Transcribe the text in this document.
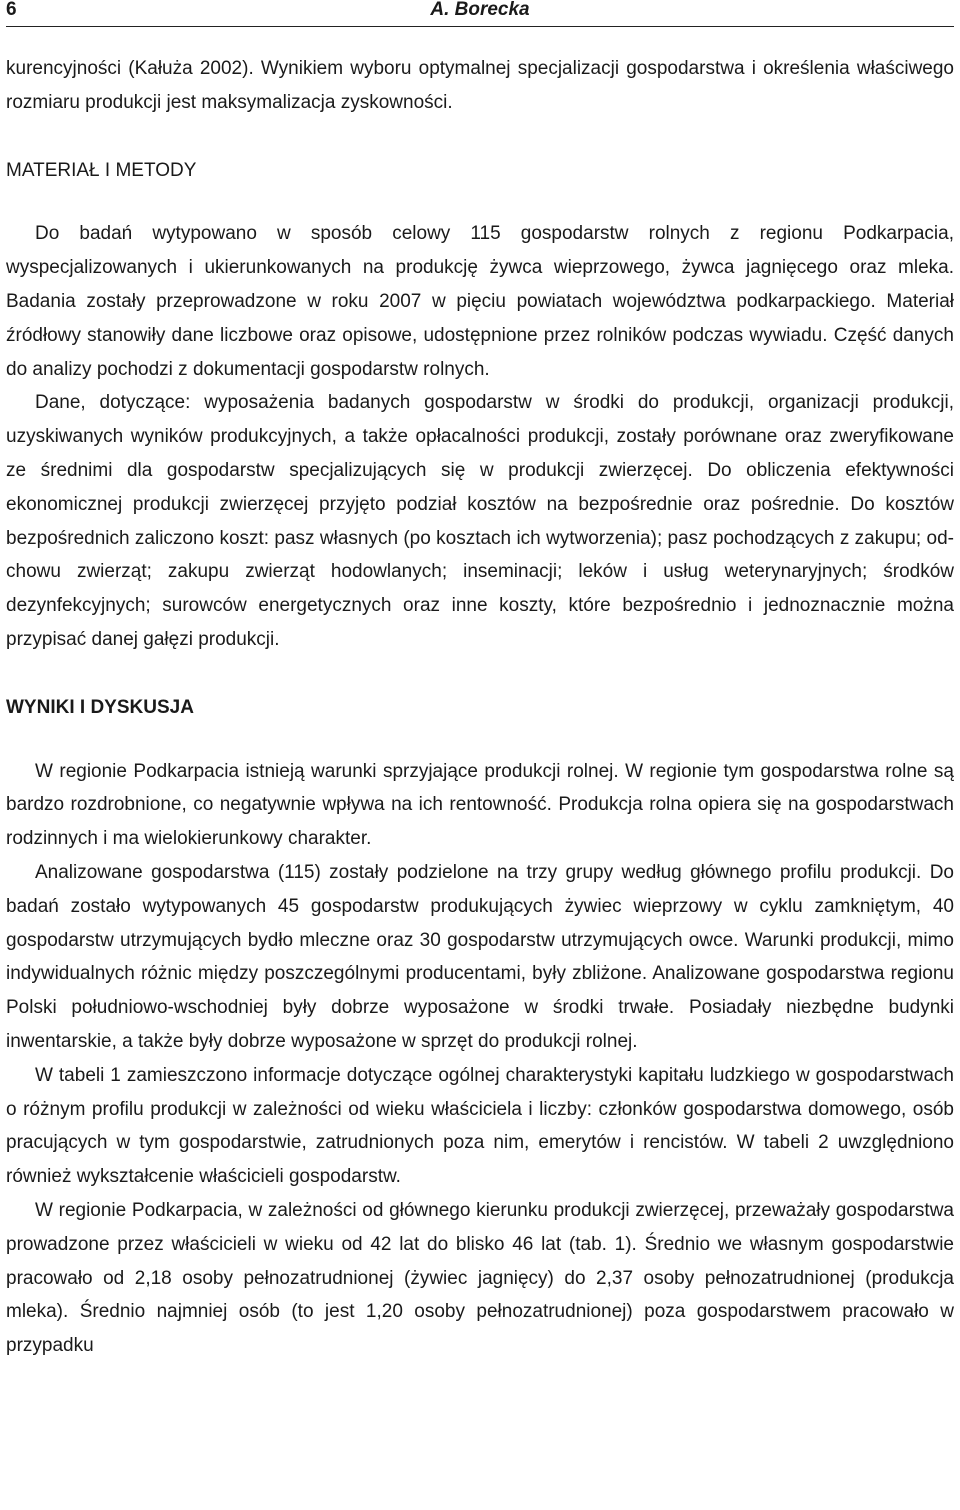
6	A. Borecka

kurencyjności (Kałuża 2002). Wynikiem wyboru optymalnej specjalizacji gospodarstwa i określenia właściwego rozmiaru produkcji jest maksymalizacja zyskowności.

MATERIAŁ I METODY

Do badań wytypowano w sposób celowy 115 gospodarstw rolnych z regionu Podkarpacia, wyspecjalizowanych i ukierunkowanych na produkcję żywca wieprzowego, żywca jagnięcego oraz mleka. Badania zostały przeprowadzone w roku 2007 w pięciu powiatach województwa podkarpackiego. Materiał źródłowy stanowiły dane liczbowe oraz opisowe, udostępnione przez rolników podczas wywiadu. Część danych do analizy pochodzi z dokumentacji gospodarstw rolnych.

Dane, dotyczące: wyposażenia badanych gospodarstw w środki do produkcji, organizacji produkcji, uzyskiwanych wyników produkcyjnych, a także opłacalności produkcji, zostały porównane oraz zweryfikowane ze średnimi dla gospodarstw specjalizujących się w produkcji zwierzęcej. Do obliczenia efektywności ekonomicznej produkcji zwierzęcej przyjęto podział kosztów na bezpośrednie oraz pośrednie. Do kosztów bezpośrednich zaliczono koszt: pasz własnych (po kosztach ich wytworzenia); pasz pochodzących z zakupu; odchowu zwierząt; zakupu zwierząt hodowlanych; inseminacji; leków i usług weterynaryjnych; środków dezynfekcyjnych; surowców energetycznych oraz inne koszty, które bezpośrednio i jednoznacznie można przypisać danej gałęzi produkcji.

WYNIKI I DYSKUSJA

W regionie Podkarpacia istnieją warunki sprzyjające produkcji rolnej. W regionie tym gospodarstwa rolne są bardzo rozdrobnione, co negatywnie wpływa na ich rentowność. Produkcja rolna opiera się na gospodarstwach rodzinnych i ma wielokierunkowy charakter.

Analizowane gospodarstwa (115) zostały podzielone na trzy grupy według głównego profilu produkcji. Do badań zostało wytypowanych 45 gospodarstw produkujących żywiec wieprzowy w cyklu zamkniętym, 40 gospodarstw utrzymujących bydło mleczne oraz 30 gospodarstw utrzymujących owce. Warunki produkcji, mimo indywidualnych różnic między poszczególnymi producentami, były zbliżone. Analizowane gospodarstwa regionu Polski południowo-wschodniej były dobrze wyposażone w środki trwałe. Posiadały niezbędne budynki inwentarskie, a także były dobrze wyposażone w sprzęt do produkcji rolnej.

W tabeli 1 zamieszczono informacje dotyczące ogólnej charakterystyki kapitału ludzkiego w gospodarstwach o różnym profilu produkcji w zależności od wieku właściciela i liczby: członków gospodarstwa domowego, osób pracujących w tym gospodarstwie, zatrudnionych poza nim, emerytów i rencistów. W tabeli 2 uwzględniono również wykształcenie właścicieli gospodarstw.

W regionie Podkarpacia, w zależności od głównego kierunku produkcji zwierzęcej, przeważały gospodarstwa prowadzone przez właścicieli w wieku od 42 lat do blisko 46 lat (tab. 1). Średnio we własnym gospodarstwie pracowało od 2,18 osoby pełnozatrudnionej (żywiec jagnięcy) do 2,37 osoby pełnozatrudnionej (produkcja mleka). Średnio najmniej osób (to jest 1,20 osoby pełnozatrudnionej) poza gospodarstwem pracowało w przypadku
